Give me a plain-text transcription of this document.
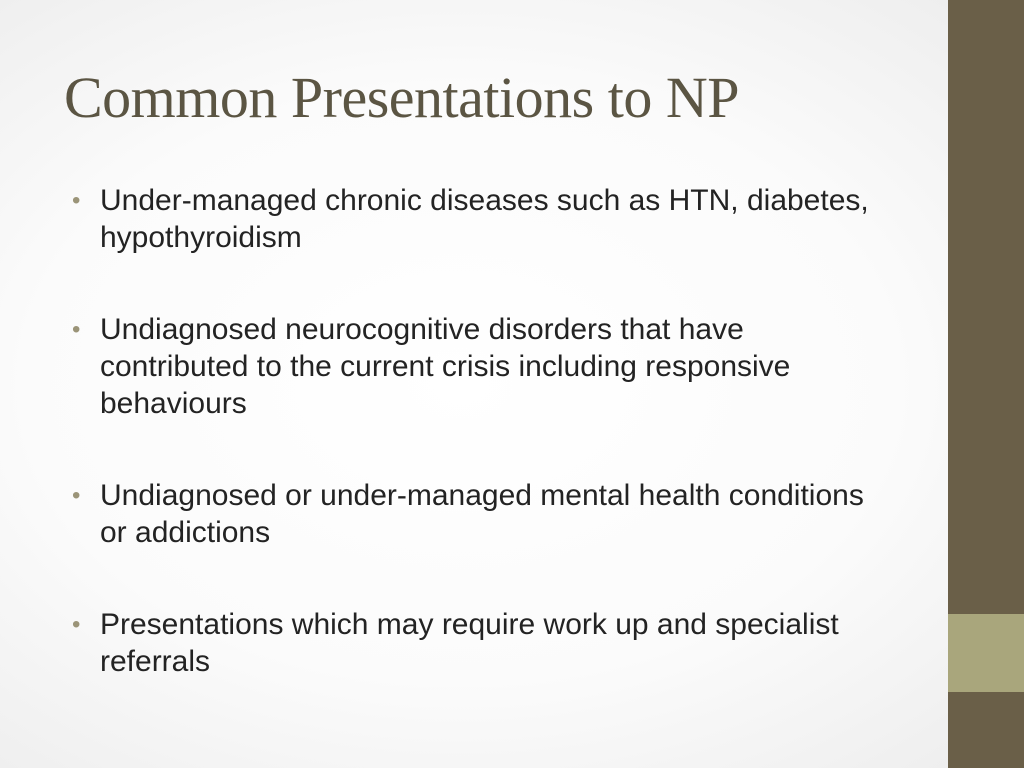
Common Presentations to NP
• Under-managed chronic diseases such as HTN, diabetes, hypothyroidism
• Undiagnosed neurocognitive disorders that have contributed to the current crisis including responsive behaviours
• Undiagnosed or under-managed mental health conditions or addictions
• Presentations which may require work up and specialist referrals
